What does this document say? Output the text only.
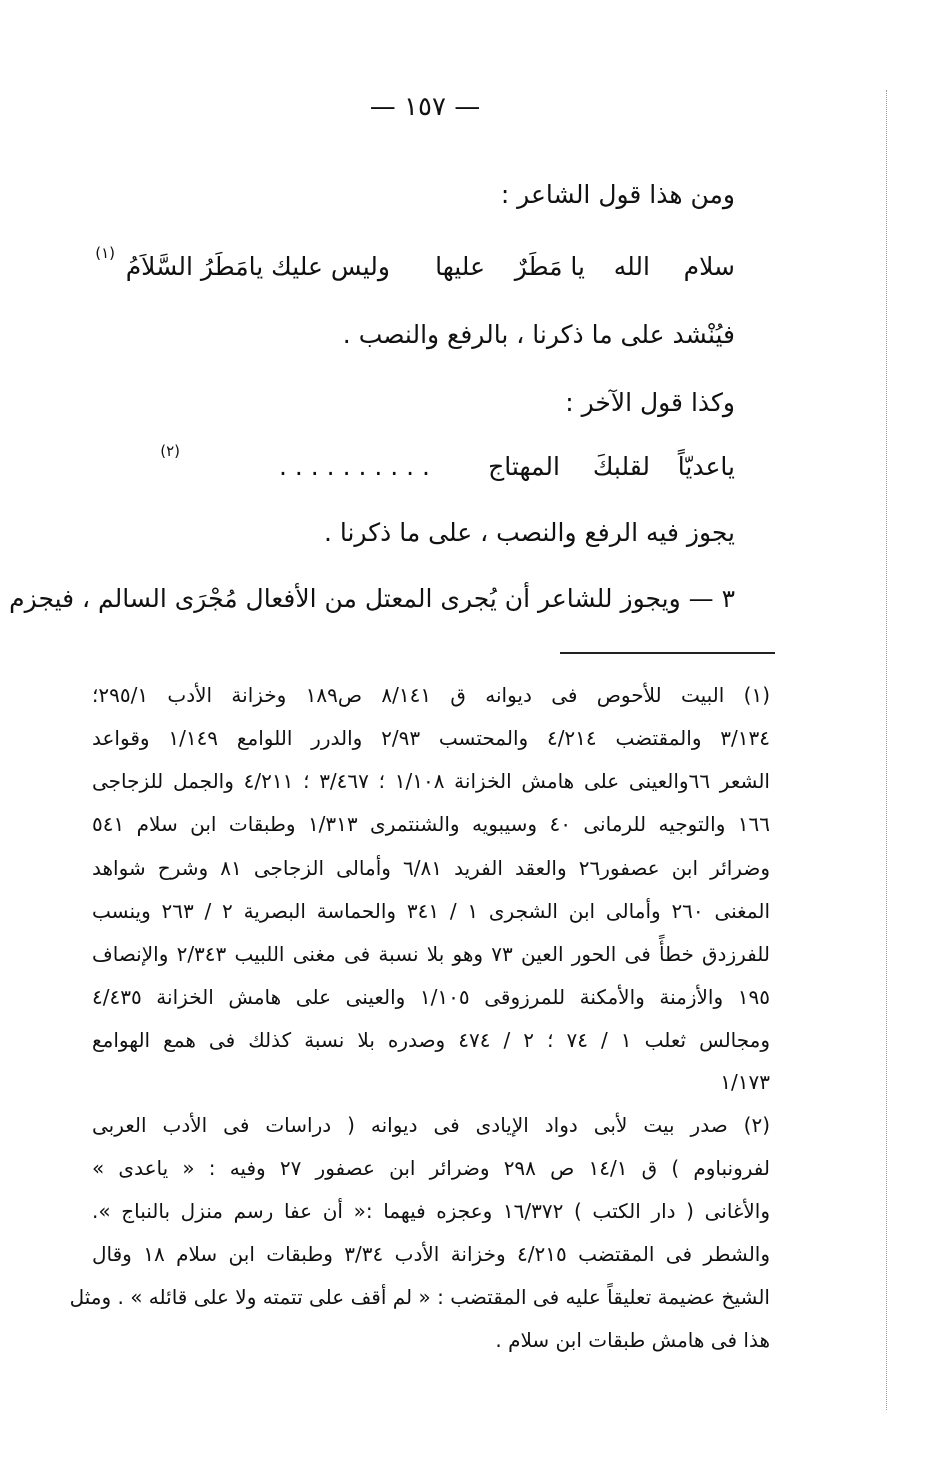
— ١٥٧ —
ومن هذا قول الشاعر :
سلام
الله
يا مَطَرٌ
عليها
وليس عليك يامَطَرُ السَّلاَمُ
(١)
فيُنْشد على ما ذكرنا ، بالرفع والنصب .
وكذا قول الآخر :
ياعديّاً
لقلبكَ
المهتاج
. . . . . . . . . .
(٢)
يجوز فيه الرفع والنصب ، على ما ذكرنا .
٣ — ويجوز للشاعر أن يُجرى المعتل من الأفعال مُجْرَى السالم ، فيجزم
(١) البيت للأحوص فى ديوانه ق ٨/١٤١ ص١٨٩ وخزانة الأدب ٢٩٥/١؛
٣/١٣٤ والمقتضب ٤/٢١٤ والمحتسب ٢/٩٣ والدرر اللوامع ١/١٤٩ وقواعد
الشعر ٦٦والعينى على هامش الخزانة ١/١٠٨ ؛ ٣/٤٦٧ ؛ ٤/٢١١ والجمل للزجاجى
١٦٦ والتوجيه للرمانى ٤٠ وسيبويه والشنتمرى ١/٣١٣ وطبقات ابن سلام ٥٤١
وضرائر ابن عصفور٢٦ والعقد الفريد ٦/٨١ وأمالى الزجاجى ٨١ وشرح شواهد
المغنى ٢٦٠ وأمالى ابن الشجرى ١ / ٣٤١ والحماسة البصرية ٢ / ٢٦٣ وينسب
للفرزدق خطأً فى الحور العين ٧٣ وهو بلا نسبة فى مغنى اللبيب ٢/٣٤٣ والإنصاف
١٩٥ والأزمنة والأمكنة للمرزوقى ١/١٠٥ والعينى على هامش الخزانة ٤/٤٣٥
ومجالس ثعلب ١ / ٧٤ ؛ ٢ / ٤٧٤ وصدره بلا نسبة كذلك فى همع الهوامع
١/١٧٣
(٢) صدر بيت لأبى دواد الإيادى فى ديوانه ( دراسات فى الأدب العربى
لفرونباوم ) ق ١٤/١ ص ٢٩٨ وضرائر ابن عصفور ٢٧ وفيه : « ياعدى »
والأغانى ( دار الكتب ) ١٦/٣٧٢ وعجزه فيهما :« أن عفا رسم منزل بالنباج ».
والشطر فى المقتضب ٤/٢١٥ وخزانة الأدب ٣/٣٤ وطبقات ابن سلام ١٨ وقال
الشيخ عضيمة تعليقاً عليه فى المقتضب : « لم أقف على تتمته ولا على قائله » . ومثل
هذا فى هامش طبقات ابن سلام .
